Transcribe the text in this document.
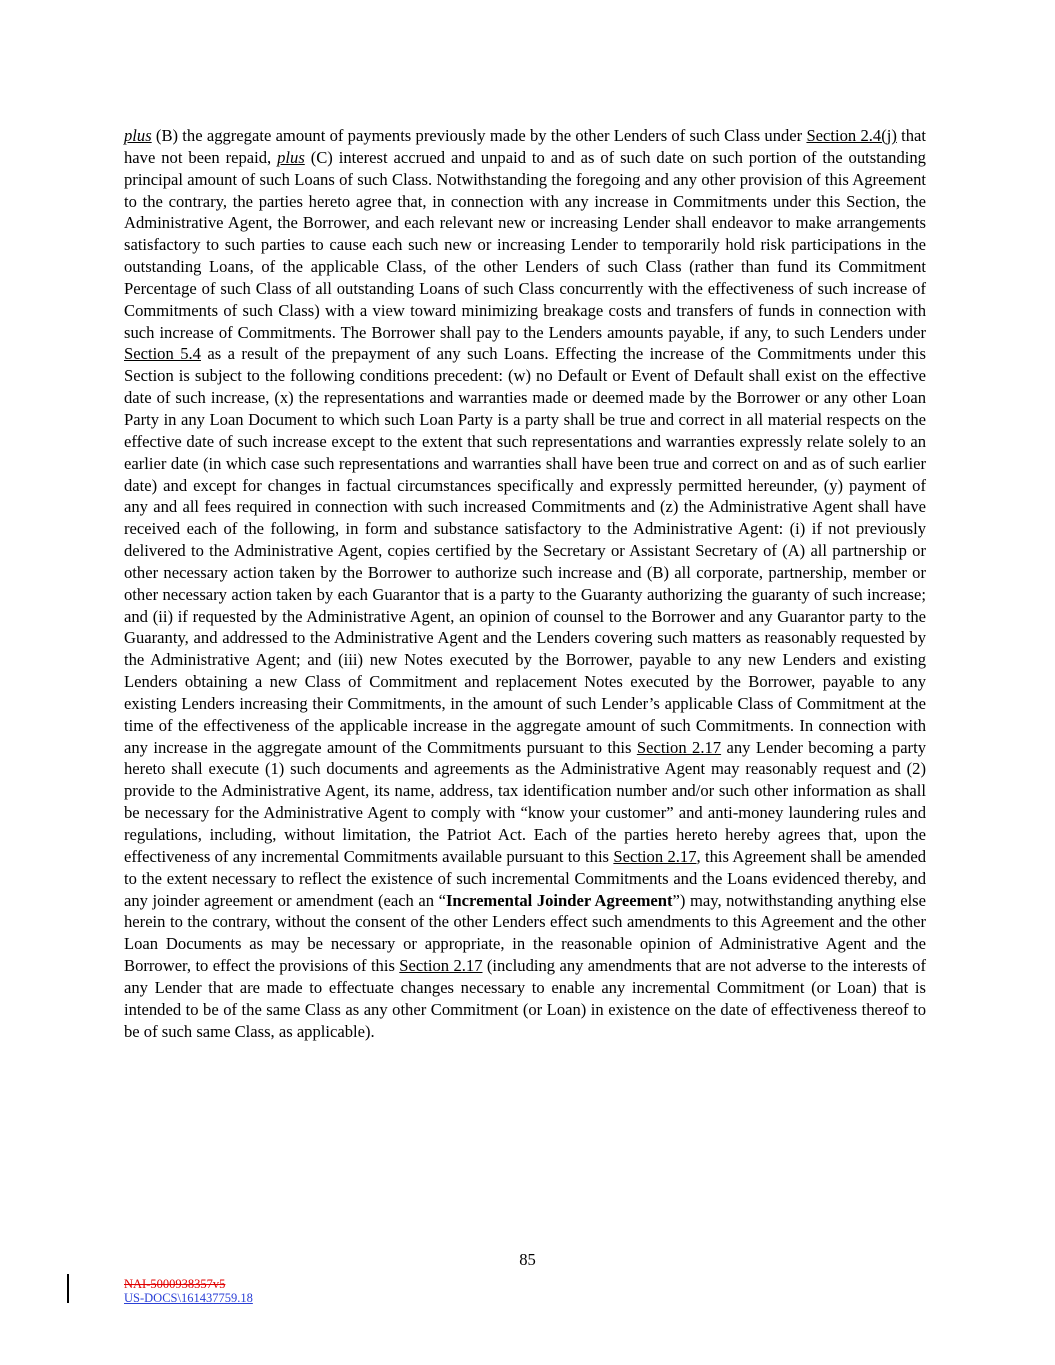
plus (B) the aggregate amount of payments previously made by the other Lenders of such Class under Section 2.4(j) that have not been repaid, plus (C) interest accrued and unpaid to and as of such date on such portion of the outstanding principal amount of such Loans of such Class. Notwithstanding the foregoing and any other provision of this Agreement to the contrary, the parties hereto agree that, in connection with any increase in Commitments under this Section, the Administrative Agent, the Borrower, and each relevant new or increasing Lender shall endeavor to make arrangements satisfactory to such parties to cause each such new or increasing Lender to temporarily hold risk participations in the outstanding Loans, of the applicable Class, of the other Lenders of such Class (rather than fund its Commitment Percentage of such Class of all outstanding Loans of such Class concurrently with the effectiveness of such increase of Commitments of such Class) with a view toward minimizing breakage costs and transfers of funds in connection with such increase of Commitments. The Borrower shall pay to the Lenders amounts payable, if any, to such Lenders under Section 5.4 as a result of the prepayment of any such Loans. Effecting the increase of the Commitments under this Section is subject to the following conditions precedent: (w) no Default or Event of Default shall exist on the effective date of such increase, (x) the representations and warranties made or deemed made by the Borrower or any other Loan Party in any Loan Document to which such Loan Party is a party shall be true and correct in all material respects on the effective date of such increase except to the extent that such representations and warranties expressly relate solely to an earlier date (in which case such representations and warranties shall have been true and correct on and as of such earlier date) and except for changes in factual circumstances specifically and expressly permitted hereunder, (y) payment of any and all fees required in connection with such increased Commitments and (z) the Administrative Agent shall have received each of the following, in form and substance satisfactory to the Administrative Agent: (i) if not previously delivered to the Administrative Agent, copies certified by the Secretary or Assistant Secretary of (A) all partnership or other necessary action taken by the Borrower to authorize such increase and (B) all corporate, partnership, member or other necessary action taken by each Guarantor that is a party to the Guaranty authorizing the guaranty of such increase; and (ii) if requested by the Administrative Agent, an opinion of counsel to the Borrower and any Guarantor party to the Guaranty, and addressed to the Administrative Agent and the Lenders covering such matters as reasonably requested by the Administrative Agent; and (iii) new Notes executed by the Borrower, payable to any new Lenders and existing Lenders obtaining a new Class of Commitment and replacement Notes executed by the Borrower, payable to any existing Lenders increasing their Commitments, in the amount of such Lender’s applicable Class of Commitment at the time of the effectiveness of the applicable increase in the aggregate amount of such Commitments. In connection with any increase in the aggregate amount of the Commitments pursuant to this Section 2.17 any Lender becoming a party hereto shall execute (1) such documents and agreements as the Administrative Agent may reasonably request and (2) provide to the Administrative Agent, its name, address, tax identification number and/or such other information as shall be necessary for the Administrative Agent to comply with “know your customer” and anti-money laundering rules and regulations, including, without limitation, the Patriot Act. Each of the parties hereto hereby agrees that, upon the effectiveness of any incremental Commitments available pursuant to this Section 2.17, this Agreement shall be amended to the extent necessary to reflect the existence of such incremental Commitments and the Loans evidenced thereby, and any joinder agreement or amendment (each an “Incremental Joinder Agreement”) may, notwithstanding anything else herein to the contrary, without the consent of the other Lenders effect such amendments to this Agreement and the other Loan Documents as may be necessary or appropriate, in the reasonable opinion of Administrative Agent and the Borrower, to effect the provisions of this Section 2.17 (including any amendments that are not adverse to the interests of any Lender that are made to effectuate changes necessary to enable any incremental Commitment (or Loan) that is intended to be of the same Class as any other Commitment (or Loan) in existence on the date of effectiveness thereof to be of such same Class, as applicable).

85
NAI-5000938357v5
US-DOCS\161437759.18
